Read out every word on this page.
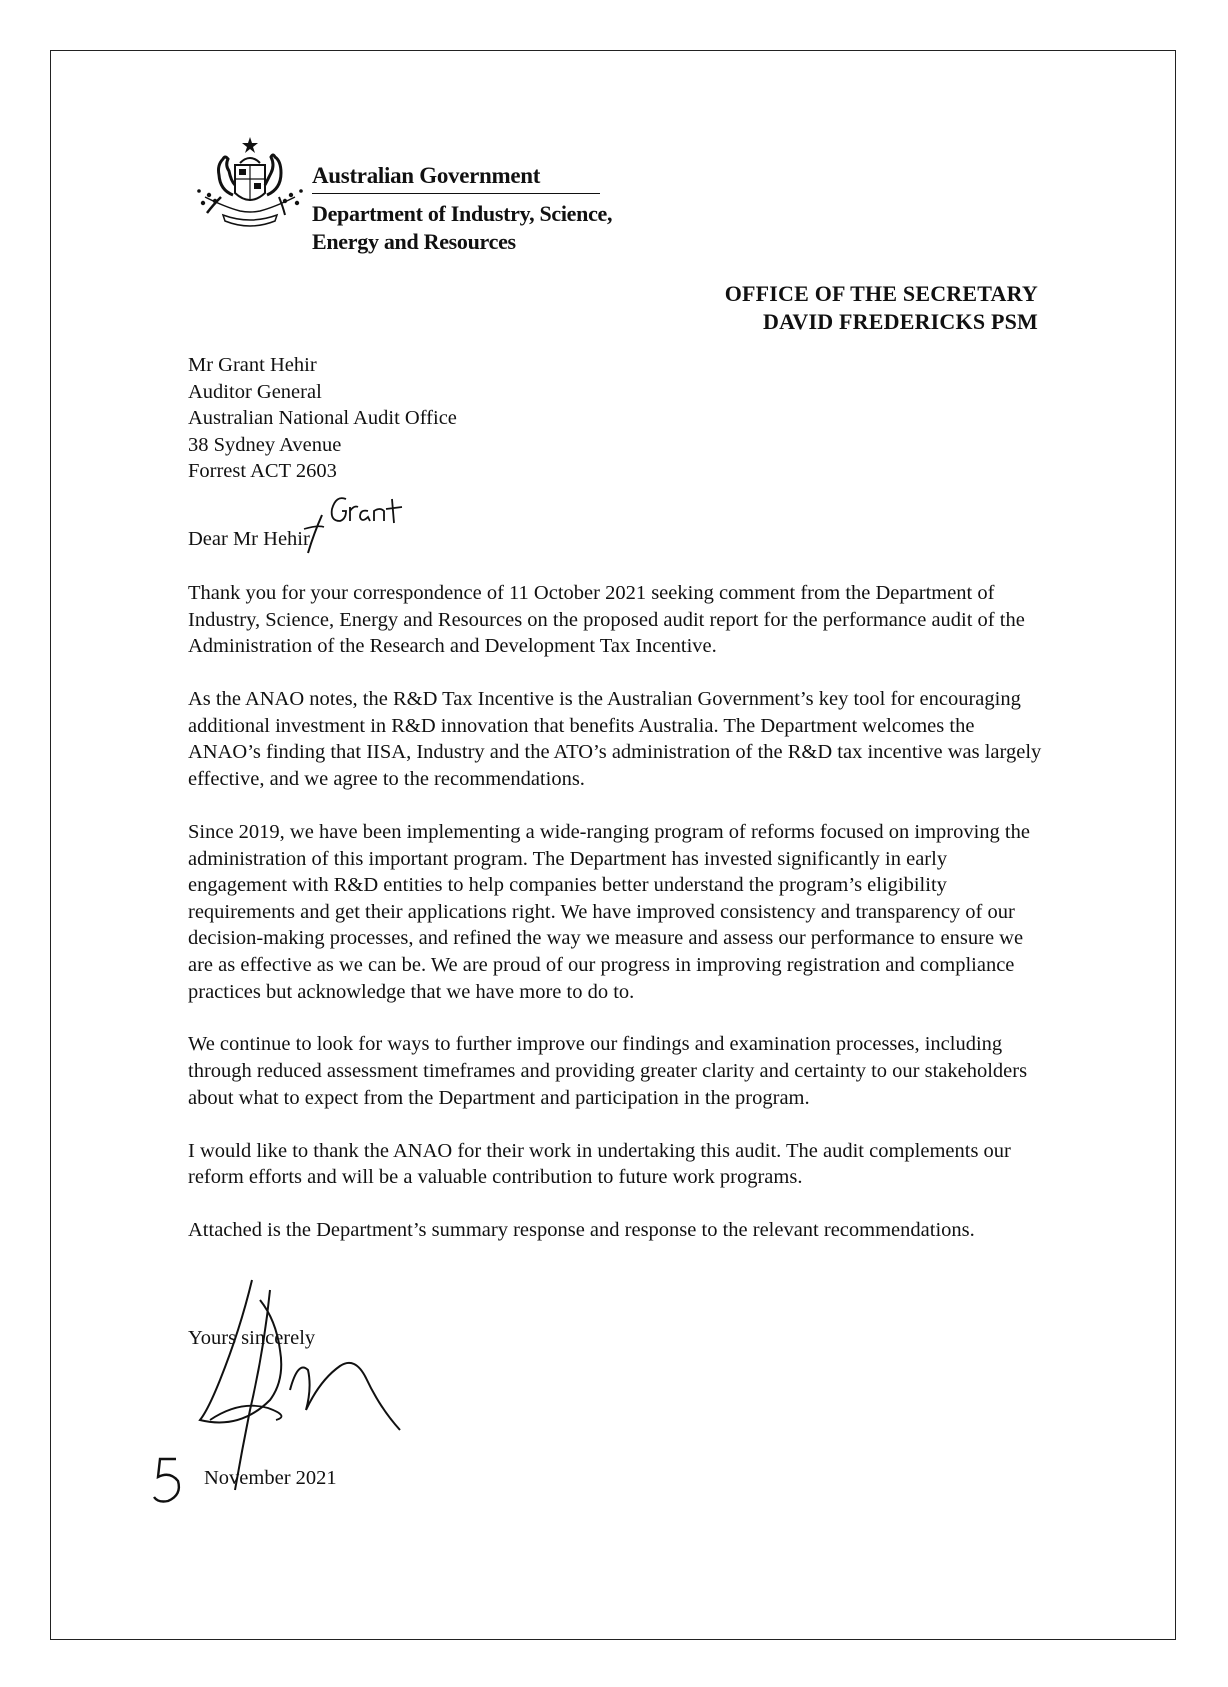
Australian Government
Department of Industry, Science,
Energy and Resources
OFFICE OF THE SECRETARY
DAVID FREDERICKS PSM
Mr Grant Hehir
Auditor General
Australian National Audit Office
38 Sydney Avenue
Forrest ACT 2603
Dear Mr Hehir

Thank you for your correspondence of 11 October 2021 seeking comment from the Department of Industry, Science, Energy and Resources on the proposed audit report for the performance audit of the Administration of the Research and Development Tax Incentive.

As the ANAO notes, the R&D Tax Incentive is the Australian Government’s key tool for encouraging additional investment in R&D innovation that benefits Australia. The Department welcomes the ANAO’s finding that IISA, Industry and the ATO’s administration of the R&D tax incentive was largely effective, and we agree to the recommendations.

Since 2019, we have been implementing a wide-ranging program of reforms focused on improving the administration of this important program. The Department has invested significantly in early engagement with R&D entities to help companies better understand the program’s eligibility requirements and get their applications right. We have improved consistency and transparency of our decision-making processes, and refined the way we measure and assess our performance to ensure we are as effective as we can be. We are proud of our progress in improving registration and compliance practices but acknowledge that we have more to do to.

We continue to look for ways to further improve our findings and examination processes, including through reduced assessment timeframes and providing greater clarity and certainty to our stakeholders about what to expect from the Department and participation in the program.

I would like to thank the ANAO for their work in undertaking this audit. The audit complements our reform efforts and will be a valuable contribution to future work programs.

Attached is the Department’s summary response and response to the relevant recommendations.

Yours sincerely
November 2021
